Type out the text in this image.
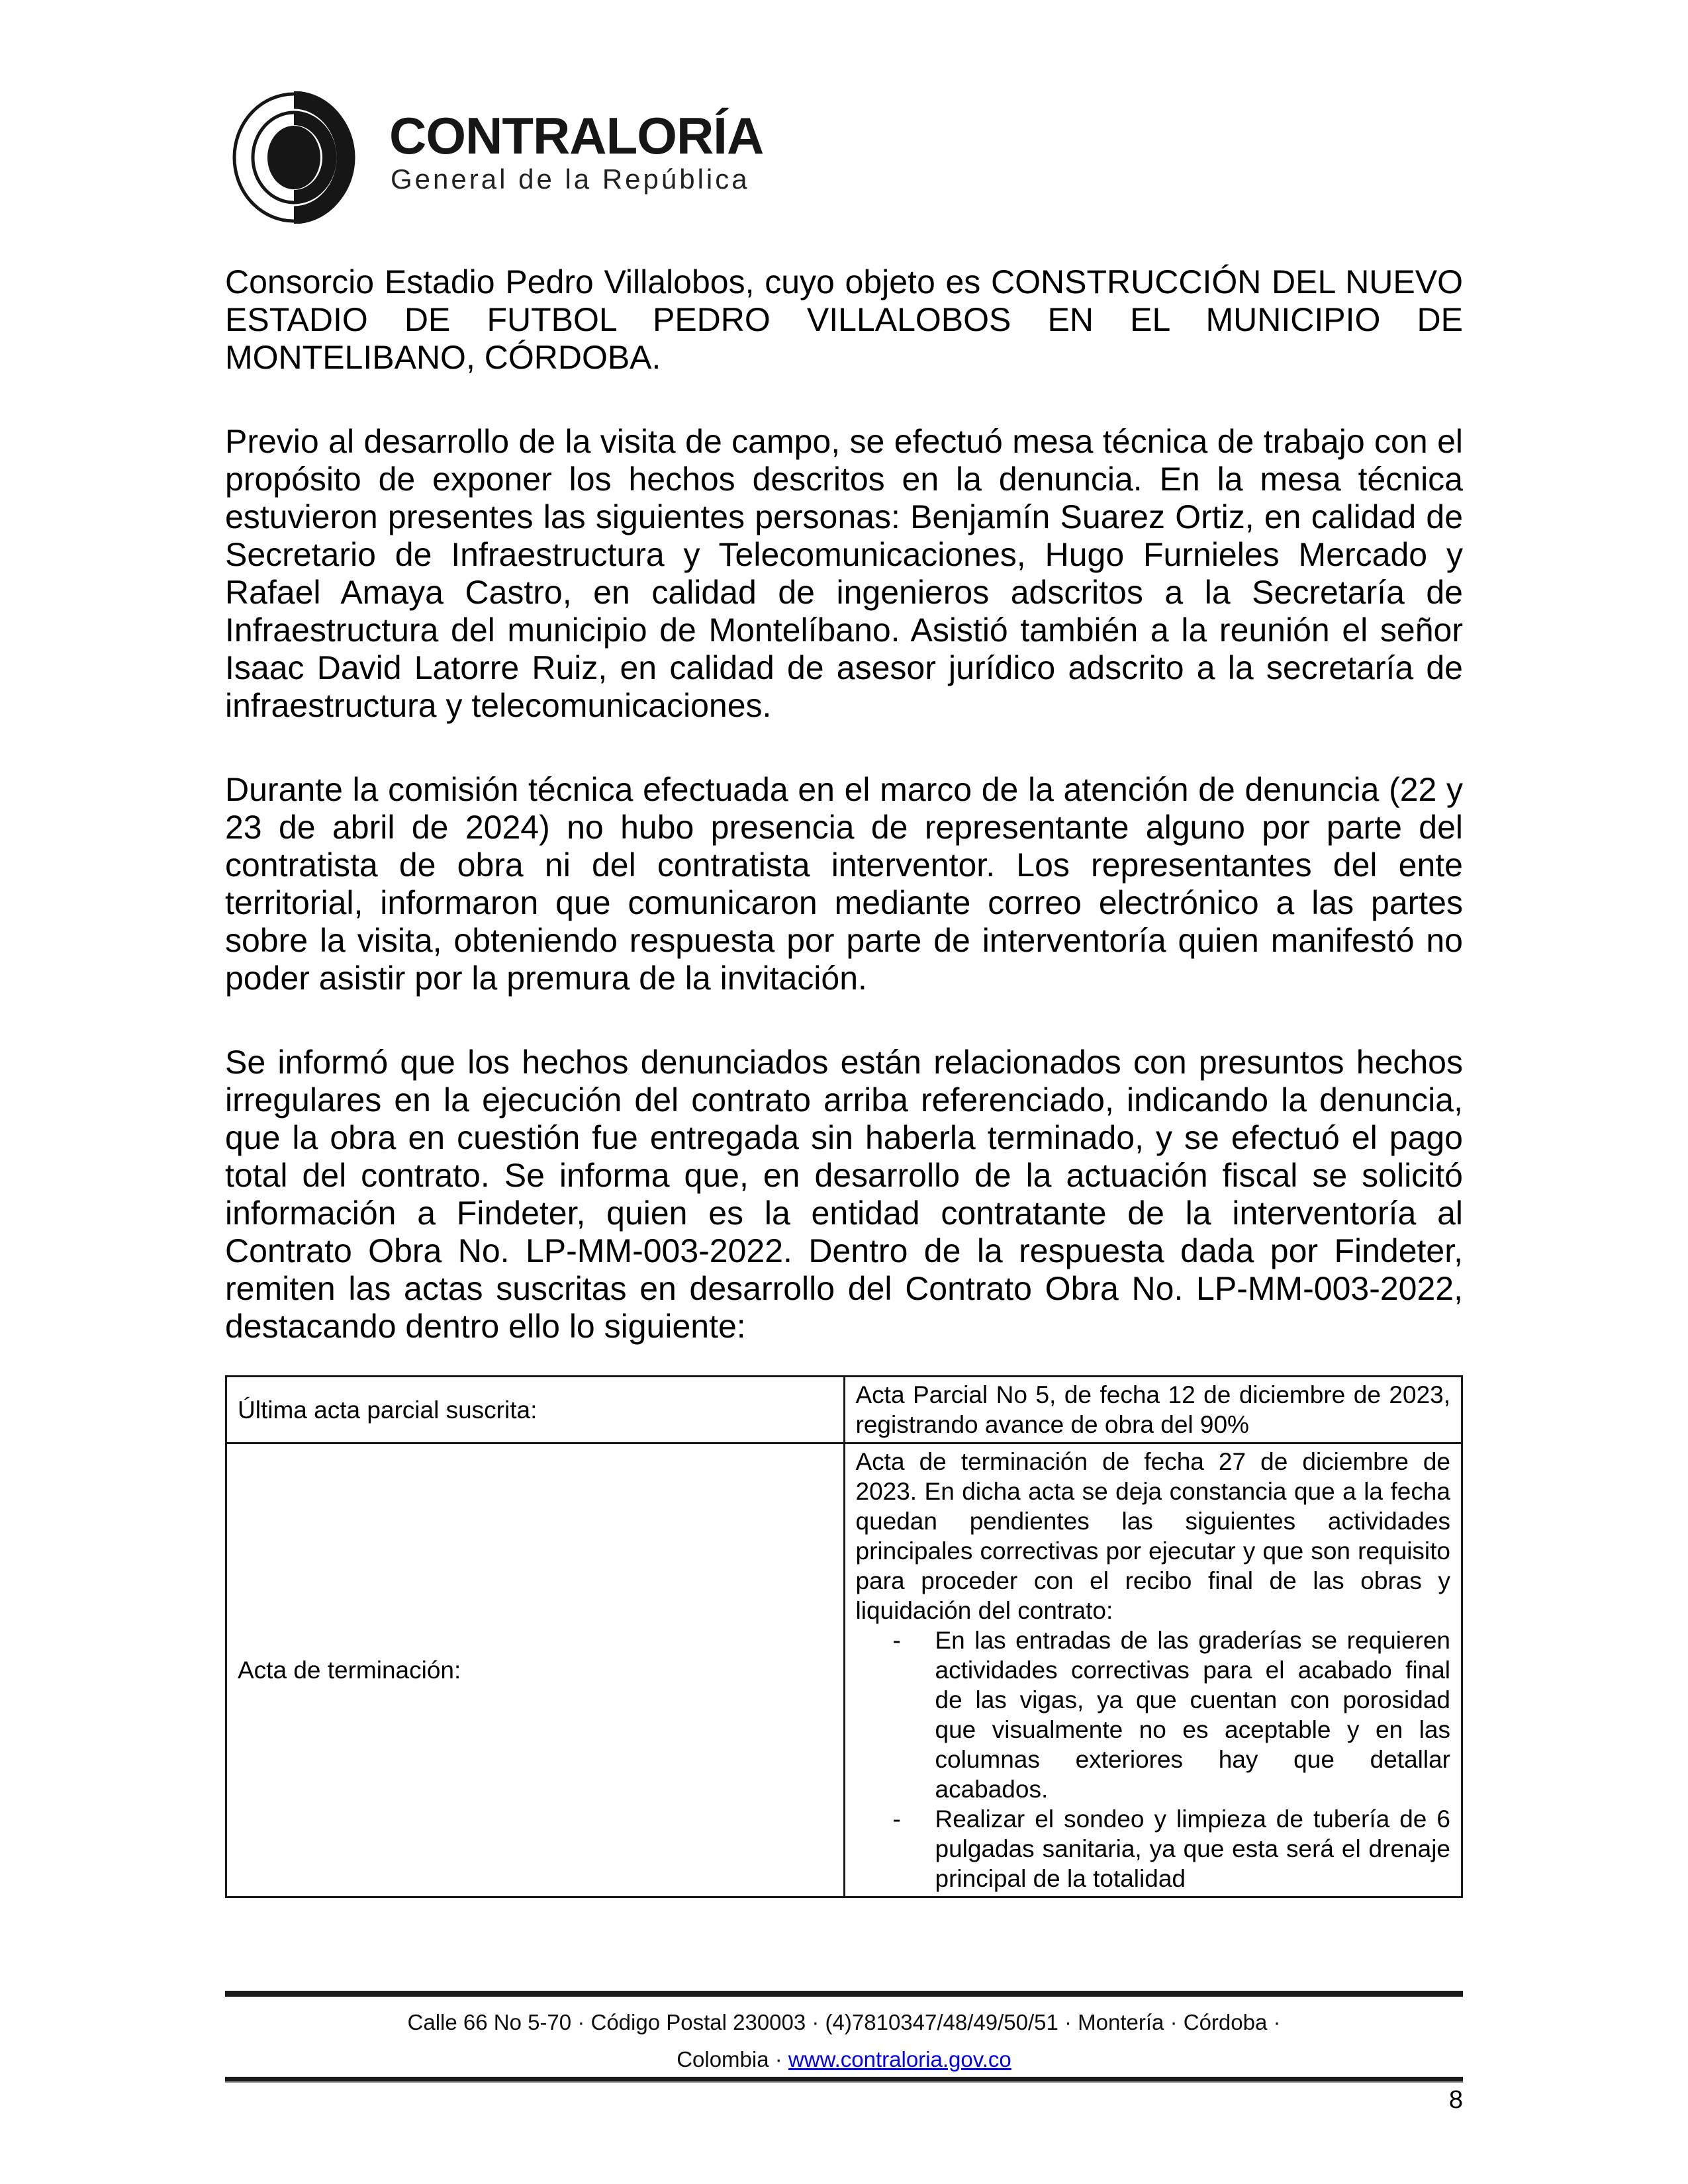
CONTRALORÍA
General de la República

Consorcio Estadio Pedro Villalobos, cuyo objeto es CONSTRUCCIÓN DEL NUEVO ESTADIO DE FUTBOL PEDRO VILLALOBOS EN EL MUNICIPIO DE MONTELIBANO, CÓRDOBA.

Previo al desarrollo de la visita de campo, se efectuó mesa técnica de trabajo con el propósito de exponer los hechos descritos en la denuncia. En la mesa técnica estuvieron presentes las siguientes personas: Benjamín Suarez Ortiz, en calidad de Secretario de Infraestructura y Telecomunicaciones, Hugo Furnieles Mercado y Rafael Amaya Castro, en calidad de ingenieros adscritos a la Secretaría de Infraestructura del municipio de Montelíbano. Asistió también a la reunión el señor Isaac David Latorre Ruiz, en calidad de asesor jurídico adscrito a la secretaría de infraestructura y telecomunicaciones.

Durante la comisión técnica efectuada en el marco de la atención de denuncia (22 y 23 de abril de 2024) no hubo presencia de representante alguno por parte del contratista de obra ni del contratista interventor. Los representantes del ente territorial, informaron que comunicaron mediante correo electrónico a las partes sobre la visita, obteniendo respuesta por parte de interventoría quien manifestó no poder asistir por la premura de la invitación.

Se informó que los hechos denunciados están relacionados con presuntos hechos irregulares en la ejecución del contrato arriba referenciado, indicando la denuncia, que la obra en cuestión fue entregada sin haberla terminado, y se efectuó el pago total del contrato. Se informa que, en desarrollo de la actuación fiscal se solicitó información a Findeter, quien es la entidad contratante de la interventoría al Contrato Obra No. LP-MM-003-2022. Dentro de la respuesta dada por Findeter, remiten las actas suscritas en desarrollo del Contrato Obra No. LP-MM-003-2022, destacando dentro ello lo siguiente:

Última acta parcial suscrita:	Acta Parcial No 5, de fecha 12 de diciembre de 2023, registrando avance de obra del 90%
Acta de terminación:	Acta de terminación de fecha 27 de diciembre de 2023. En dicha acta se deja constancia que a la fecha quedan pendientes las siguientes actividades principales correctivas por ejecutar y que son requisito para proceder con el recibo final de las obras y liquidación del contrato:
- En las entradas de las graderías se requieren actividades correctivas para el acabado final de las vigas, ya que cuentan con porosidad que visualmente no es aceptable y en las columnas exteriores hay que detallar acabados.
- Realizar el sondeo y limpieza de tubería de 6 pulgadas sanitaria, ya que esta será el drenaje principal de la totalidad
Calle 66 No 5-70 · Código Postal 230003 · (4)7810347/48/49/50/51 · Montería · Córdoba ·
Colombia · www.contraloria.gov.co
8
